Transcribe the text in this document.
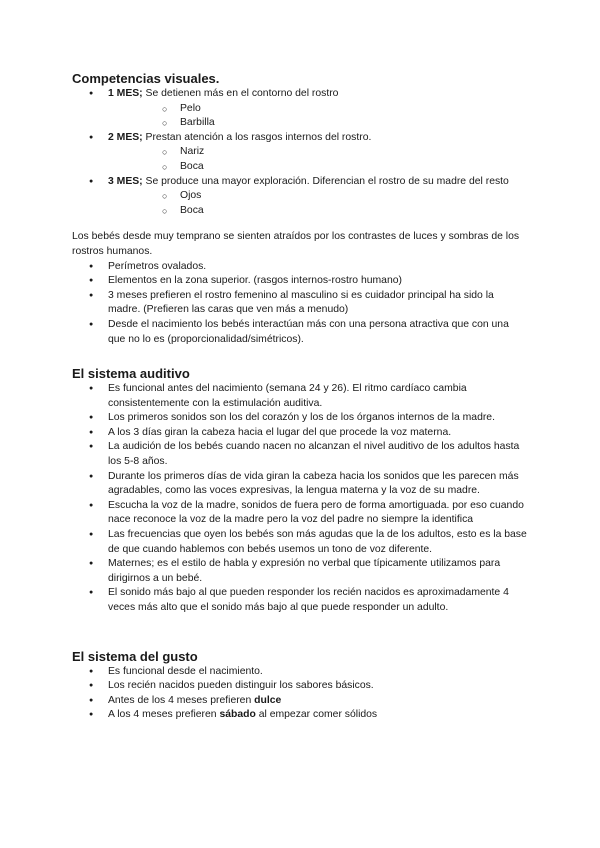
Competencias visuales.
● 1 MES; Se detienen más en el contorno del rostro
○ Pelo
○ Barbilla
● 2 MES; Prestan atención a los rasgos internos del rostro.
○ Nariz
○ Boca
● 3 MES; Se produce una mayor exploración. Diferencian el rostro de su madre del resto
○ Ojos
○ Boca

Los bebés desde muy temprano se sienten atraídos por los contrastes de luces y sombras de los rostros humanos.

● Perímetros ovalados.
● Elementos en la zona superior. (rasgos internos-rostro humano)
● 3 meses prefieren el rostro femenino al masculino si es cuidador principal ha sido la madre. (Prefieren las caras que ven más a menudo)
● Desde el nacimiento los bebés interactúan más con una persona atractiva que con una que no lo es (proporcionalidad/simétricos).
El sistema auditivo
● Es funcional antes del nacimiento (semana 24 y 26). El ritmo cardíaco cambia consistentemente con la estimulación auditiva.
● Los primeros sonidos son los del corazón y los de los órganos internos de la madre.
● A los 3 días giran la cabeza hacia el lugar del que procede la voz materna.
● La audición de los bebés cuando nacen no alcanzan el nivel auditivo de los adultos hasta los 5-8 años.
● Durante los primeros días de vida giran la cabeza hacia los sonidos que les parecen más agradables, como las voces expresivas, la lengua materna y la voz de su madre.
● Escucha la voz de la madre, sonidos de fuera pero de forma amortiguada. por eso cuando nace reconoce la voz de la madre pero la voz del padre no siempre la identifica
● Las frecuencias que oyen los bebés son más agudas que la de los adultos, esto es la base de que cuando hablemos con bebés usemos un tono de voz diferente.
● Maternes; es el estilo de habla y expresión no verbal que típicamente utilizamos para dirigirnos a un bebé.
● El sonido más bajo al que pueden responder los recién nacidos es aproximadamente 4 veces más alto que el sonido más bajo al que puede responder un adulto.
El sistema del gusto
● Es funcional desde el nacimiento.
● Los recién nacidos pueden distinguir los sabores básicos.
● Antes de los 4 meses prefieren dulce
● A los 4 meses prefieren sábado al empezar comer sólidos
